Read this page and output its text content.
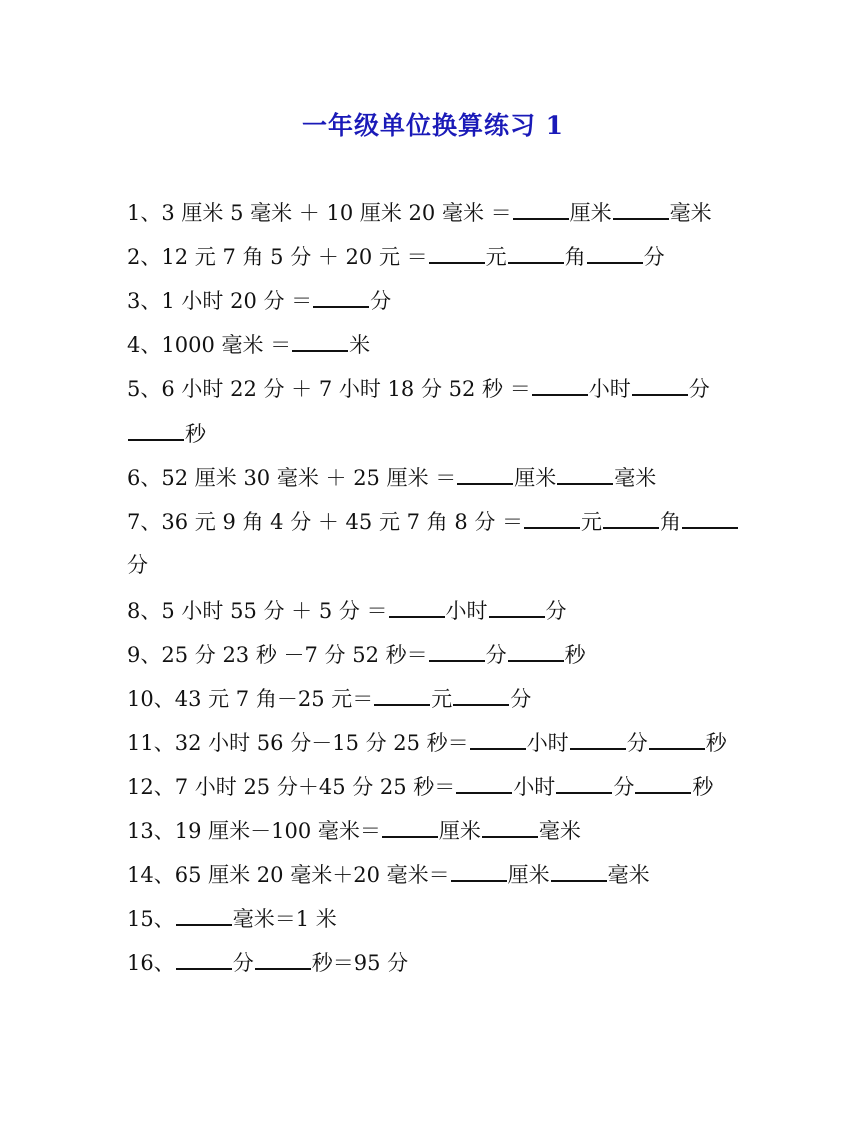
一年级单位换算练习 1
1、3 厘米 5 毫米 ＋ 10 厘米 20 毫米 ＝	厘米	毫米
2、12 元 7 角 5 分 ＋ 20 元 ＝	元	角	分
3、1 小时 20 分 ＝	分
4、1000 毫米 ＝	米
5、6 小时 22 分 ＋ 7 小时 18 分 52 秒 ＝	小时	分
秒
6、52 厘米 30 毫米 ＋ 25 厘米 ＝	厘米	毫米
7、36 元 9 角 4 分 ＋ 45 元 7 角 8 分 ＝	元	角
分
8、5 小时 55 分 ＋ 5 分 ＝	小时	分
9、25 分 23 秒 －7 分 52 秒＝	分	秒
10、43 元 7 角－25 元＝	元	分
11、32 小时 56 分－15 分 25 秒＝	小时	分	秒
12、7 小时 25 分＋45 分 25 秒＝	小时	分	秒
13、19 厘米－100 毫米＝	厘米	毫米
14、65 厘米 20 毫米＋20 毫米＝	厘米	毫米
15、	毫米＝1 米
16、	分	秒＝95 分
